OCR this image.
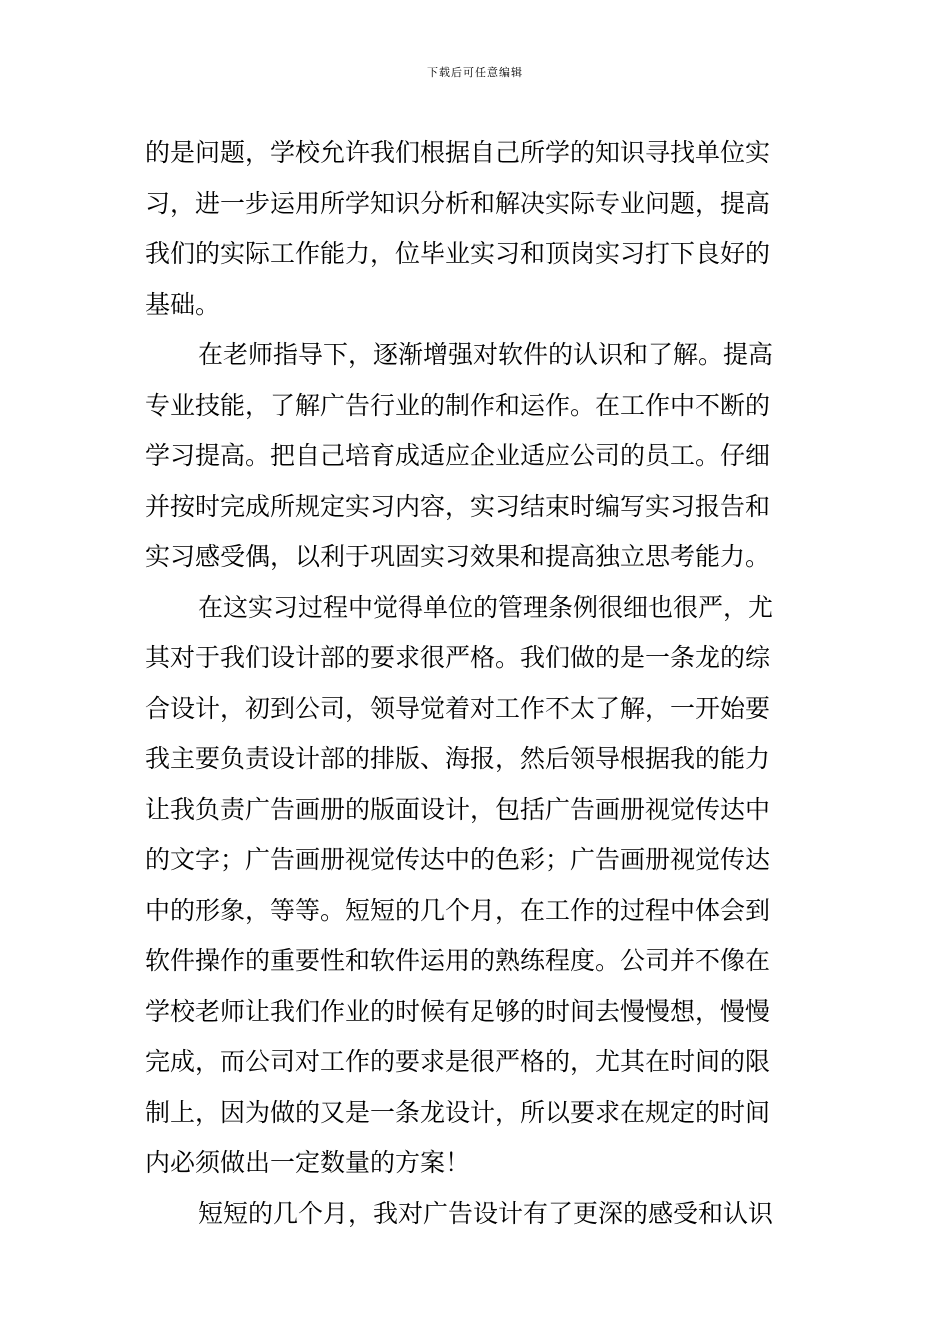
下载后可任意编辑
的是问题，学校允许我们根据自己所学的知识寻找单位实
习，进一步运用所学知识分析和解决实际专业问题，提高
我们的实际工作能力，位毕业实习和顶岗实习打下良好的
基础。
在老师指导下，逐渐增强对软件的认识和了解。提高
专业技能，了解广告行业的制作和运作。在工作中不断的
学习提高。把自己培育成适应企业适应公司的员工。仔细
并按时完成所规定实习内容，实习结束时编写实习报告和
实习感受偶，以利于巩固实习效果和提高独立思考能力。
在这实习过程中觉得单位的管理条例很细也很严，尤
其对于我们设计部的要求很严格。我们做的是一条龙的综
合设计，初到公司，领导觉着对工作不太了解，一开始要
我主要负责设计部的排版、海报，然后领导根据我的能力
让我负责广告画册的版面设计，包括广告画册视觉传达中
的文字；广告画册视觉传达中的色彩；广告画册视觉传达
中的形象，等等。短短的几个月，在工作的过程中体会到
软件操作的重要性和软件运用的熟练程度。公司并不像在
学校老师让我们作业的时候有足够的时间去慢慢想，慢慢
完成，而公司对工作的要求是很严格的，尤其在时间的限
制上，因为做的又是一条龙设计，所以要求在规定的时间
内必须做出一定数量的方案！
短短的几个月，我对广告设计有了更深的感受和认识
